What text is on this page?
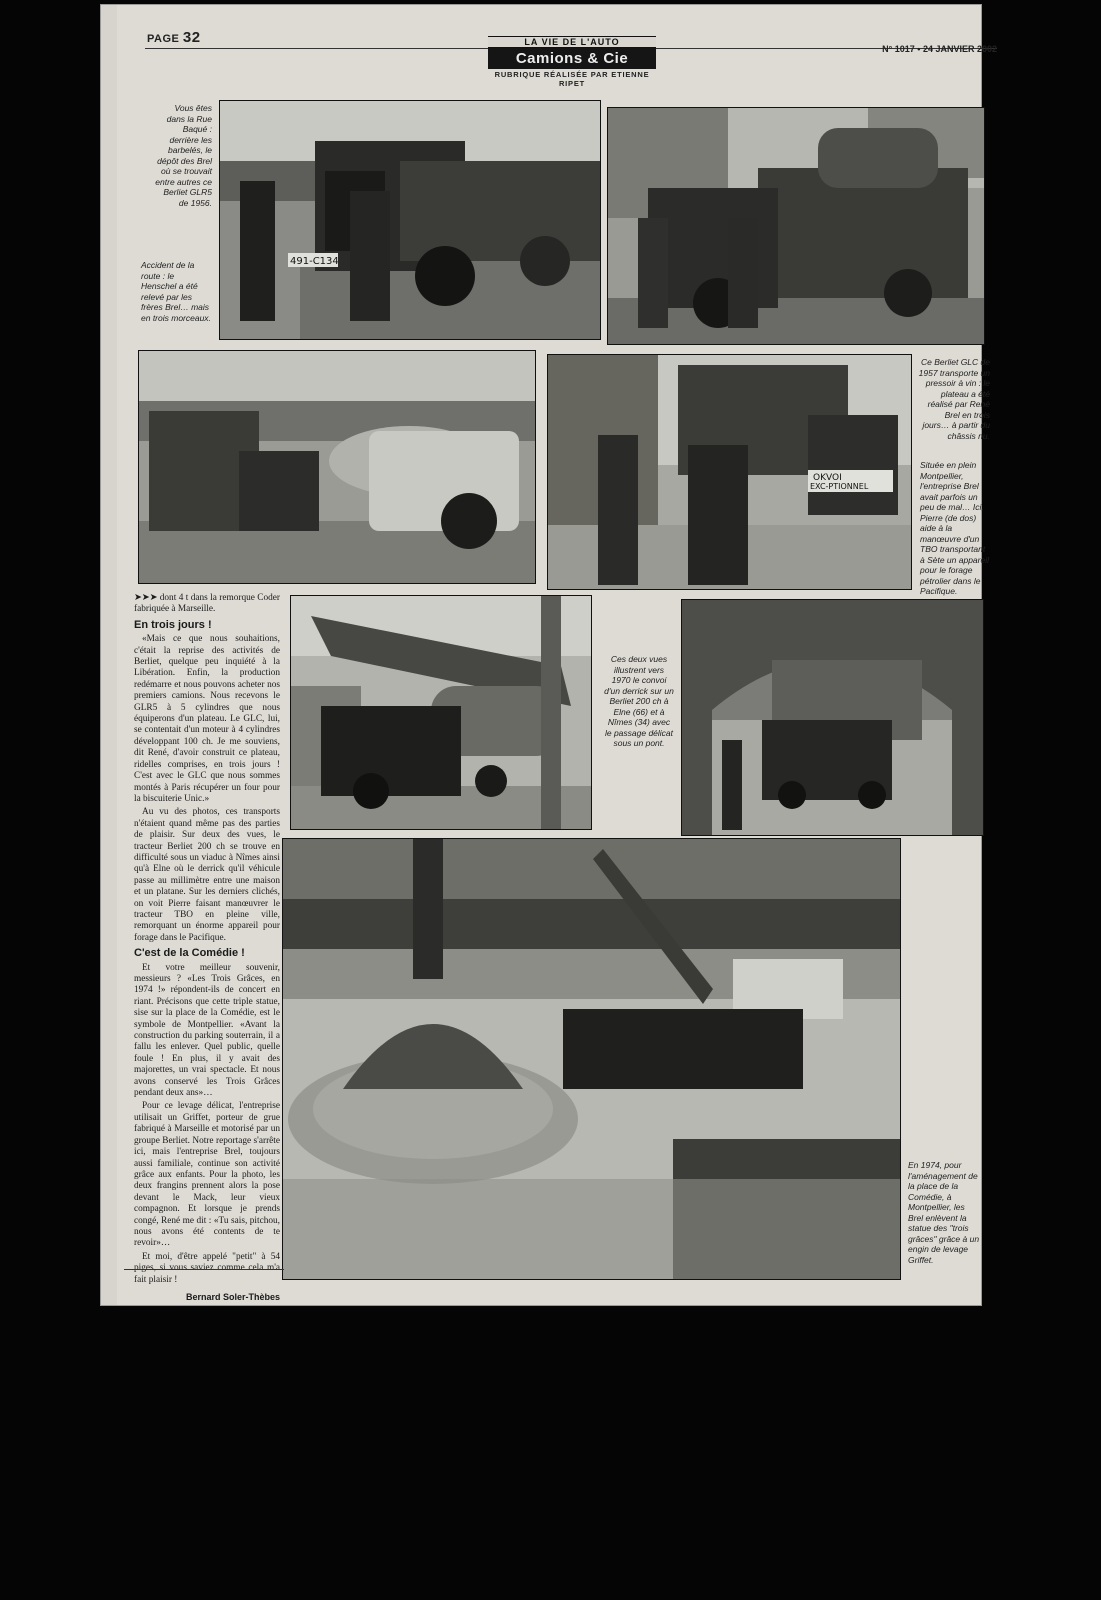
PAGE 32	LA VIE DE L'AUTO
Camions & Cie
RUBRIQUE RÉALISÉE PAR ETIENNE RIPET
N° 1017 • 24 JANVIER 2002
491-C134
OKVOI
EXC-PTIONNEL
Vous êtes dans la Rue Baqué : derrière les barbelés, le dépôt des Brel où se trouvait entre autres ce Berliet GLR5 de 1956.
Accident de la route : le Henschel a été relevé par les frères Brel… mais en trois morceaux.
Ce Berliet GLC de 1957 transporte un pressoir à vin : le plateau a été réalisé par René Brel en trois jours… à partir du châssis nu.
Située en plein Montpellier, l'entreprise Brel avait parfois un peu de mal… Ici, Pierre (de dos) aide à la manœuvre d'un TBO transportant à Sète un appareil pour le forage pétrolier dans le Pacifique.
Ces deux vues illustrent vers 1970 le convoi d'un derrick sur un Berliet 200 ch à Elne (66) et à Nîmes (34) avec le passage délicat sous un pont.
En 1974, pour l'aménagement de la place de la Comédie, à Montpellier, les Brel enlèvent la statue des "trois grâces" grâce à un engin de levage Griffet.

➤➤➤ dont 4 t dans la remorque Coder fabriquée à Marseille.

En trois jours !

«Mais ce que nous souhaitions, c'était la reprise des activités de Berliet, quelque peu inquiété à la Libération. Enfin, la production redémarre et nous pouvons acheter nos premiers camions. Nous recevons le GLR5 à 5 cylindres que nous équiperons d'un plateau. Le GLC, lui, se contentait d'un moteur à 4 cylindres développant 100 ch. Je me souviens, dit René, d'avoir construit ce plateau, ridelles comprises, en trois jours ! C'est avec le GLC que nous sommes montés à Paris récupérer un four pour la biscuiterie Unic.»

Au vu des photos, ces transports n'étaient quand même pas des parties de plaisir. Sur deux des vues, le tracteur Berliet 200 ch se trouve en difficulté sous un viaduc à Nîmes ainsi qu'à Elne où le derrick qu'il véhicule passe au millimètre entre une maison et un platane. Sur les derniers clichés, on voit Pierre faisant manœuvrer le tracteur TBO en pleine ville, remorquant un énorme appareil pour forage dans le Pacifique.

C'est de la Comédie !

Et votre meilleur souvenir, messieurs ? «Les Trois Grâces, en 1974 !» répondent-ils de concert en riant. Précisons que cette triple statue, sise sur la place de la Comédie, est le symbole de Montpellier. «Avant la construction du parking souterrain, il a fallu les enlever. Quel public, quelle foule ! En plus, il y avait des majorettes, un vrai spectacle. Et nous avons conservé les Trois Grâces pendant deux ans»…

Pour ce levage délicat, l'entreprise utilisait un Griffet, porteur de grue fabriqué à Marseille et motorisé par un groupe Berliet. Notre reportage s'arrête ici, mais l'entreprise Brel, toujours aussi familiale, continue son activité grâce aux enfants. Pour la photo, les deux frangins prennent alors la pose devant le Mack, leur vieux compagnon. Et lorsque je prends congé, René me dit : «Tu sais, pitchou, nous avons été contents de te revoir»…

Et moi, d'être appelé "petit" à 54 fait plaisir !

Bernard Soler-Thèbes
